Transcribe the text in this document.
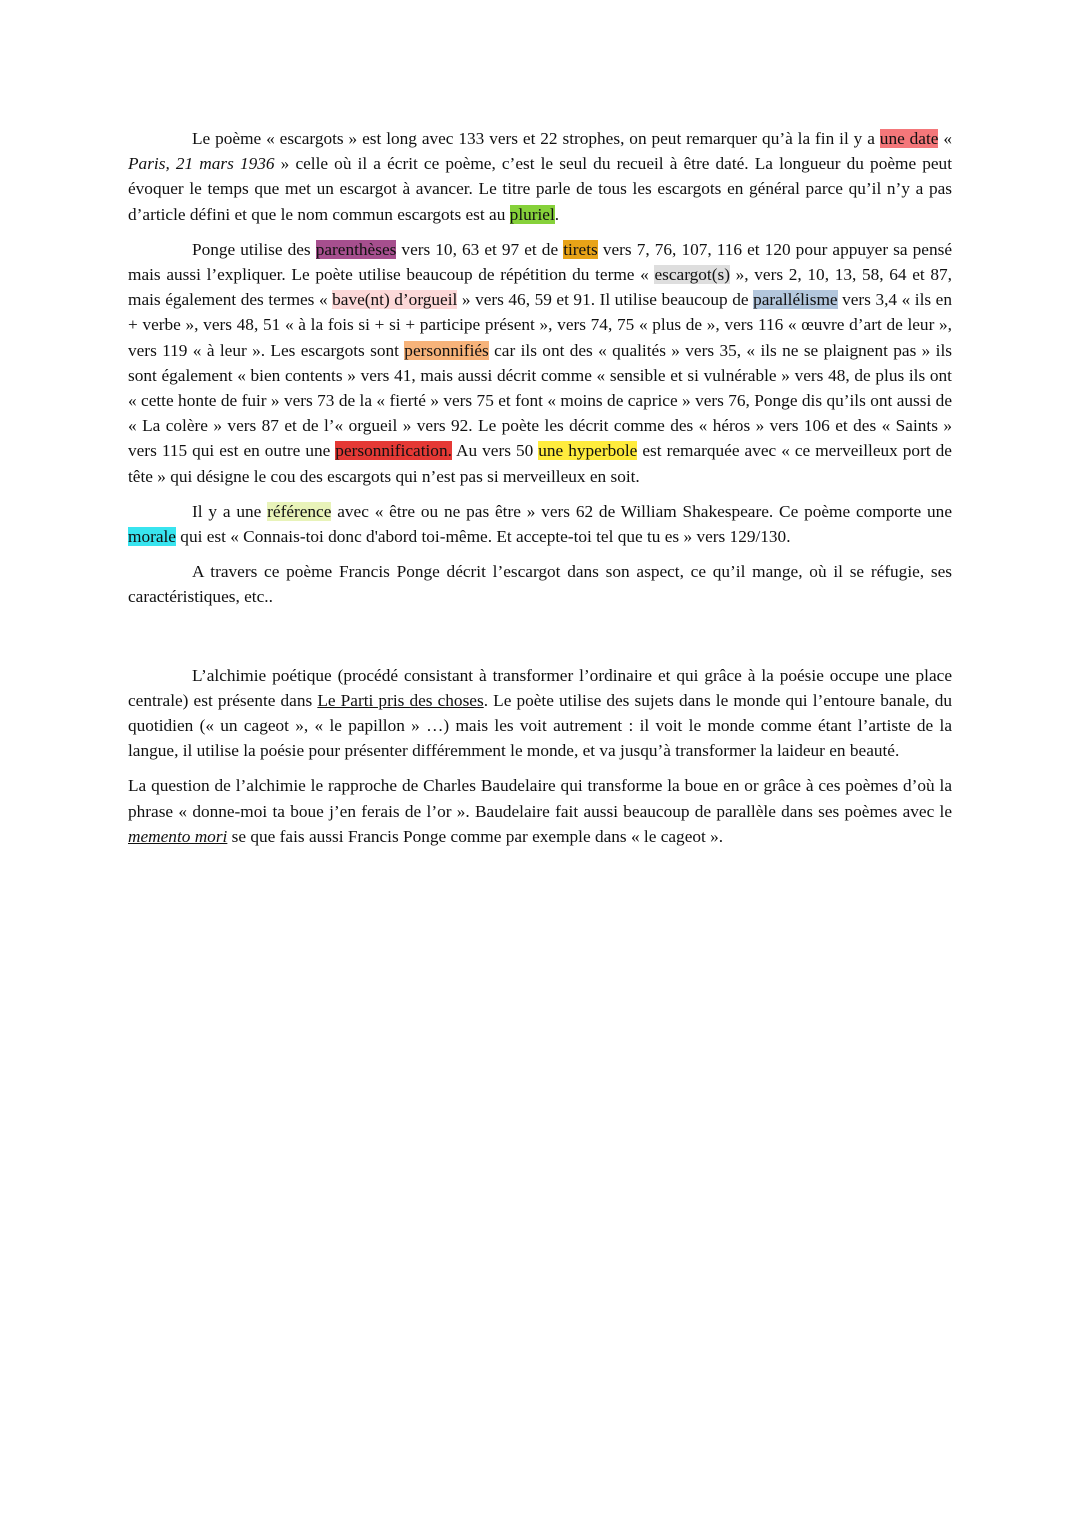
Le poème « escargots » est long avec 133 vers et 22 strophes, on peut remarquer qu’à la fin il y a une date « Paris, 21 mars 1936 » celle où il a écrit ce poème, c’est le seul du recueil à être daté. La longueur du poème peut évoquer le temps que met un escargot à avancer. Le titre parle de tous les escargots en général parce qu’il n’y a pas d’article défini et que le nom commun escargots est au pluriel.

Ponge utilise des parenthèses vers 10, 63 et 97 et de tirets vers 7, 76, 107, 116 et 120 pour appuyer sa pensé mais aussi l’expliquer. Le poète utilise beaucoup de répétition du terme « escargot(s) », vers 2, 10, 13, 58, 64 et 87, mais également des termes « bave(nt) d’orgueil » vers 46, 59 et 91. Il utilise beaucoup de parallélisme vers 3,4 « ils en + verbe », vers 48, 51 « à la fois si + si + participe présent », vers 74, 75 « plus de », vers 116 « œuvre d’art de leur », vers 119 « à leur ». Les escargots sont personnifiés car ils ont des « qualités » vers 35, « ils ne se plaignent pas » ils sont également « bien contents » vers 41, mais aussi décrit comme « sensible et si vulnérable » vers 48, de plus ils ont « cette honte de fuir » vers 73 de la « fierté » vers 75 et font « moins de caprice » vers 76, Ponge dis qu’ils ont aussi de « La colère » vers 87 et de l’« orgueil » vers 92. Le poète les décrit comme des « héros » vers 106 et des « Saints » vers 115 qui est en outre une personnification. Au vers 50 une hyperbole est remarquée avec « ce merveilleux port de tête » qui désigne le cou des escargots qui n’est pas si merveilleux en soit.

Il y a une référence avec « être ou ne pas être » vers 62 de William Shakespeare. Ce poème comporte une morale qui est « Connais-toi donc d'abord toi-même. Et accepte-toi tel que tu es » vers 129/130.

A travers ce poème Francis Ponge décrit l’escargot dans son aspect, ce qu’il mange, où il se réfugie, ses caractéristiques, etc..

L’alchimie poétique (procédé consistant à transformer l’ordinaire et qui grâce à la poésie occupe une place centrale) est présente dans Le Parti pris des choses. Le poète utilise des sujets dans le monde qui l’entoure banale, du quotidien (« un cageot », « le papillon » …) mais les voit autrement : il voit le monde comme étant l’artiste de la langue, il utilise la poésie pour présenter différemment le monde, et va jusqu’à transformer la laideur en beauté.

La question de l’alchimie le rapproche de Charles Baudelaire qui transforme la boue en or grâce à ces poèmes d’où la phrase « donne-moi ta boue j’en ferais de l’or ». Baudelaire fait aussi beaucoup de parallèle dans ses poèmes avec le memento mori se que fais aussi Francis Ponge comme par exemple dans « le cageot ».
